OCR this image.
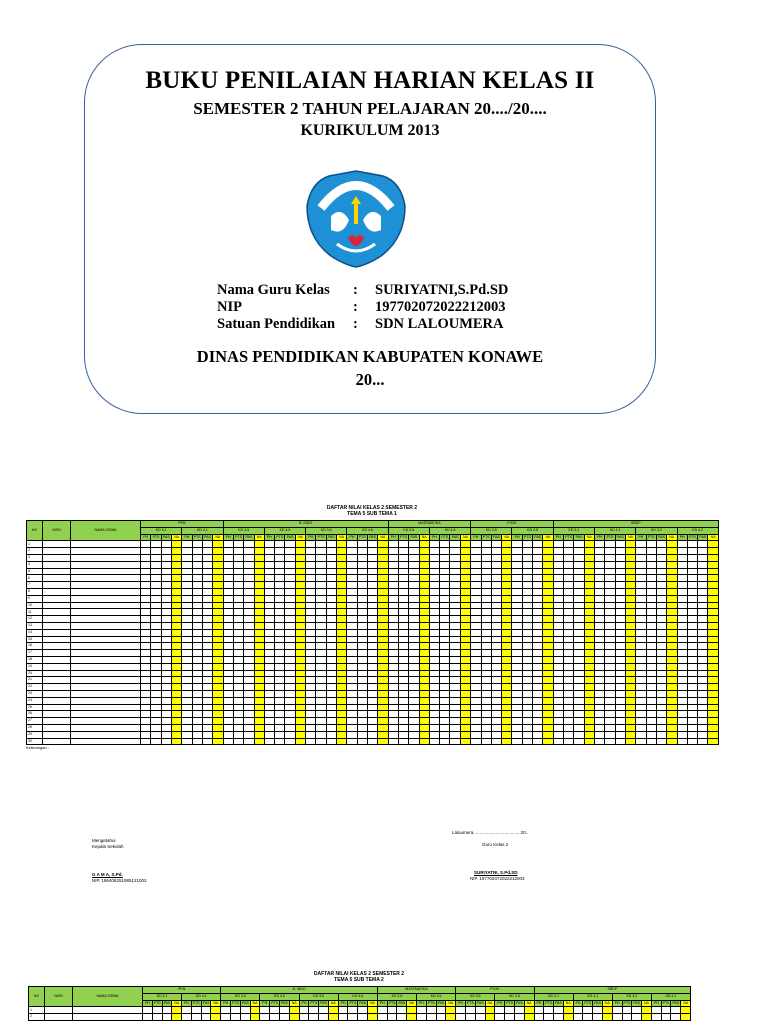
BUKU PENILAIAN HARIAN KELAS II
SEMESTER 2 TAHUN PELAJARAN 20..../20....
KURIKULUM 2013
Nama Guru Kelas	:	SURIYATNI,S.Pd.SD
NIP	:	197702072022212003
Satuan Pendidikan	:	SDN LALOUMERA
DINAS PENDIDIKAN KABUPATEN KONAWE
20...
DAFTAR NILAI KELAS 2 SEMESTER 2
TEMA 5 SUB TEMA 1
NO	NISN	NAMA SISWA	PKN								B. INDO																MATEMATIKA								PJOK								SBDP															
			KD 3.1				KD 4.1				KD 3.5				KD 4.5				KD 3.6				KD 4.6				KD 3.6				KD 4.6				KD 3.5				KD 4.5				KD 3.1				KD 4.1				KD 3.2				KD 4.2			
			PH	PTS	PAS	NA	PH	PTS	PAS	NA	PH	PTS	PAS	NA	PH	PTS	PAS	NA	PH	PTS	PAS	NA	PH	PTS	PAS	NA	PH	PTS	PAS	NA	PH	PTS	PAS	NA	PH	PTS	PAS	NA	PH	PTS	PAS	NA	PH	PTS	PAS	NA	PH	PTS	PAS	NA	PH	PTS	PAS	NA	PH	PTS	PAS	NA
1																																																										
2																																																										
3																																																										
4																																																										
5																																																										
6																																																										
7																																																										
8																																																										
9																																																										
10																																																										
11																																																										
12																																																										
13																																																										
14																																																										
15																																																										
16																																																										
17																																																										
18																																																										
19																																																										
20																																																										
21																																																										
22																																																										
23																																																										
24																																																										
25																																																										
26																																																										
27																																																										
28																																																										
29																																																										
30																																																										
Keterangan :
Mengetahui
Kepala Sekolah
G A M A, S.Pd.
NIP. 196406251985121002
Laloumera, ....................................20..
Guru Kelas 2
SURIYATNI, S.Pd.SD
NIP. 197702072022212003
DAFTAR NILAI KELAS 2 SEMESTER 2
TEMA 5 SUB TEMA 2
NO	NISN	NAMA SISWA	PKN								B. INDO																MATEMATIKA								PJOK								SBDP															
			KD 3.1				KD 4.1				KD 3.5				KD 4.5				KD 3.6				KD 4.6				KD 3.6				KD 4.6				KD 3.5				KD 4.5				KD 3.1				KD 4.1				KD 3.2				KD 4.2			
			PH	PTS	PAS	NA	PH	PTS	PAS	NA	PH	PTS	PAS	NA	PH	PTS	PAS	NA	PH	PTS	PAS	NA	PH	PTS	PAS	NA	PH	PTS	PAS	NA	PH	PTS	PAS	NA	PH	PTS	PAS	NA	PH	PTS	PAS	NA	PH	PTS	PAS	NA	PH	PTS	PAS	NA	PH	PTS	PAS	NA	PH	PTS	PAS	NA
1																																																										
2																																																										
